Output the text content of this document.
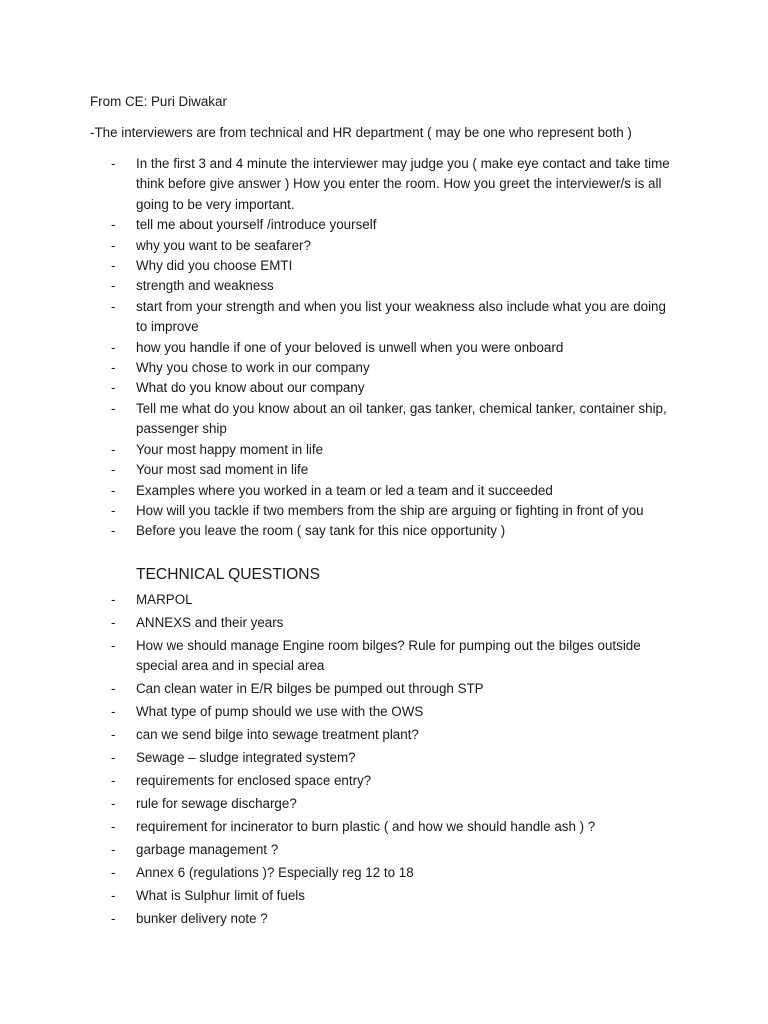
From CE: Puri Diwakar
-The interviewers are from technical and HR department ( may be one who represent both )
- In the first 3 and 4 minute the interviewer may judge you ( make eye contact and take time think before give answer ) How you enter the room. How you greet the interviewer/s is all going to be very important.
- tell me about yourself /introduce yourself
- why you want to be seafarer?
- Why did you choose EMTI
- strength and weakness
- start from your strength and when you list your weakness also include what you are doing to improve
- how you handle if one of your beloved is unwell when you were onboard
- Why you chose to work in our company
- What do you know about our company
- Tell me what do you know about an oil tanker, gas tanker, chemical tanker, container ship, passenger ship
- Your most happy moment in life
- Your most sad moment in life
- Examples where you worked in a team or led a team and it succeeded
- How will you tackle if two members from the ship are arguing or fighting in front of you
- Before you leave the room ( say tank for this nice opportunity )
TECHNICAL QUESTIONS
- MARPOL
- ANNEXS and their years
- How we should manage Engine room bilges? Rule for pumping out the bilges outside special area and in special area
- Can clean water in E/R bilges be pumped out through STP
- What type of pump should we use with the OWS
- can we send bilge into sewage treatment plant?
- Sewage – sludge integrated system?
- requirements for enclosed space entry?
- rule for sewage discharge?
- requirement for incinerator to burn plastic ( and how we should handle ash ) ?
- garbage management ?
- Annex 6 (regulations )? Especially reg 12 to 18
- What is Sulphur limit of fuels
- bunker delivery note ?
